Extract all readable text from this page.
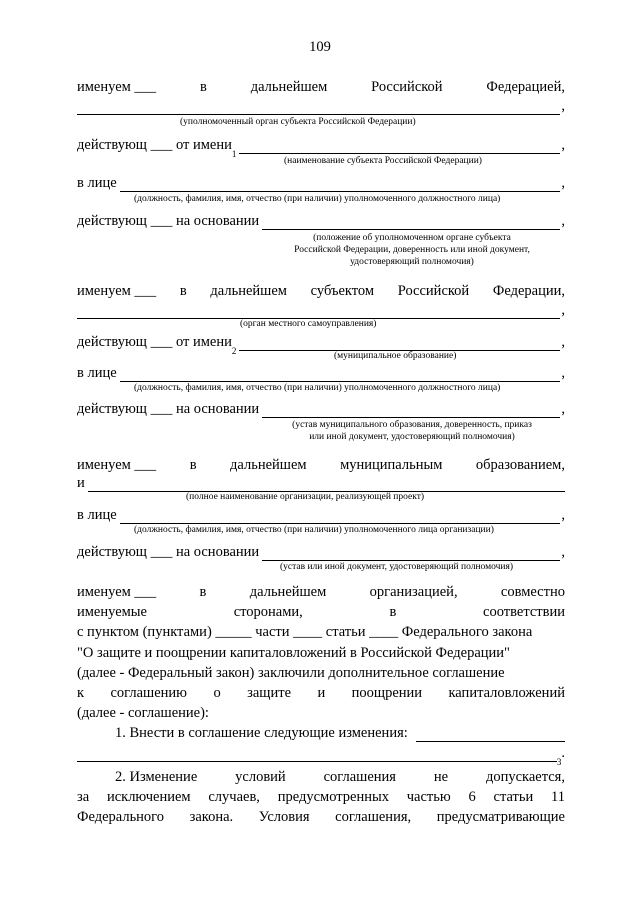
109
именуем ___	в	дальнейшем	Российской	Федерацией,
,
(уполномоченный орган субъекта Российской Федерации)
действующ ___ от имени
1
,
(наименование субъекта Российской Федерации)
в лице	,
(должность, фамилия, имя, отчество (при наличии) уполномоченного должностного лица)
действующ ___ на основании	,
(положение об уполномоченном органе субъекта
Российской Федерации, доверенность или иной документ,
удостоверяющий полномочия)
именуем ___ в дальнейшем субъектом Российской Федерации,
,
(орган местного самоуправления)
действующ ___ от имени
2
,
(муниципальное образование)
в лице	,
(должность, фамилия, имя, отчество (при наличии) уполномоченного должностного лица)
действующ ___ на основании	,
(устав муниципального образования, доверенность, приказ
или иной документ, удостоверяющий полномочия)
именуем ___ в дальнейшем муниципальным образованием,
и
(полное наименование организации, реализующей проект)
в лице	,
(должность, фамилия, имя, отчество (при наличии) уполномоченного лица организации)
действующ ___ на основании	,
(устав или иной документ, удостоверяющий полномочия)
именуем ___	в	дальнейшем	организацией,	совместно
именуемые	сторонами,	в	соответствии
с пунктом (пунктами) _____ части ____ статьи ____ Федерального закона
"О защите и поощрении капиталовложений в Российской Федерации"
(далее - Федеральный закон) заключили дополнительное соглашение
к соглашению о защите и поощрении капиталовложений
(далее - соглашение):
1. Внести в соглашение следующие изменения:
3
.
2. Изменение	условий	соглашения	не	допускается,
за исключением случаев, предусмотренных частью 6 статьи 11
Федерального закона. Условия соглашения, предусматривающие
